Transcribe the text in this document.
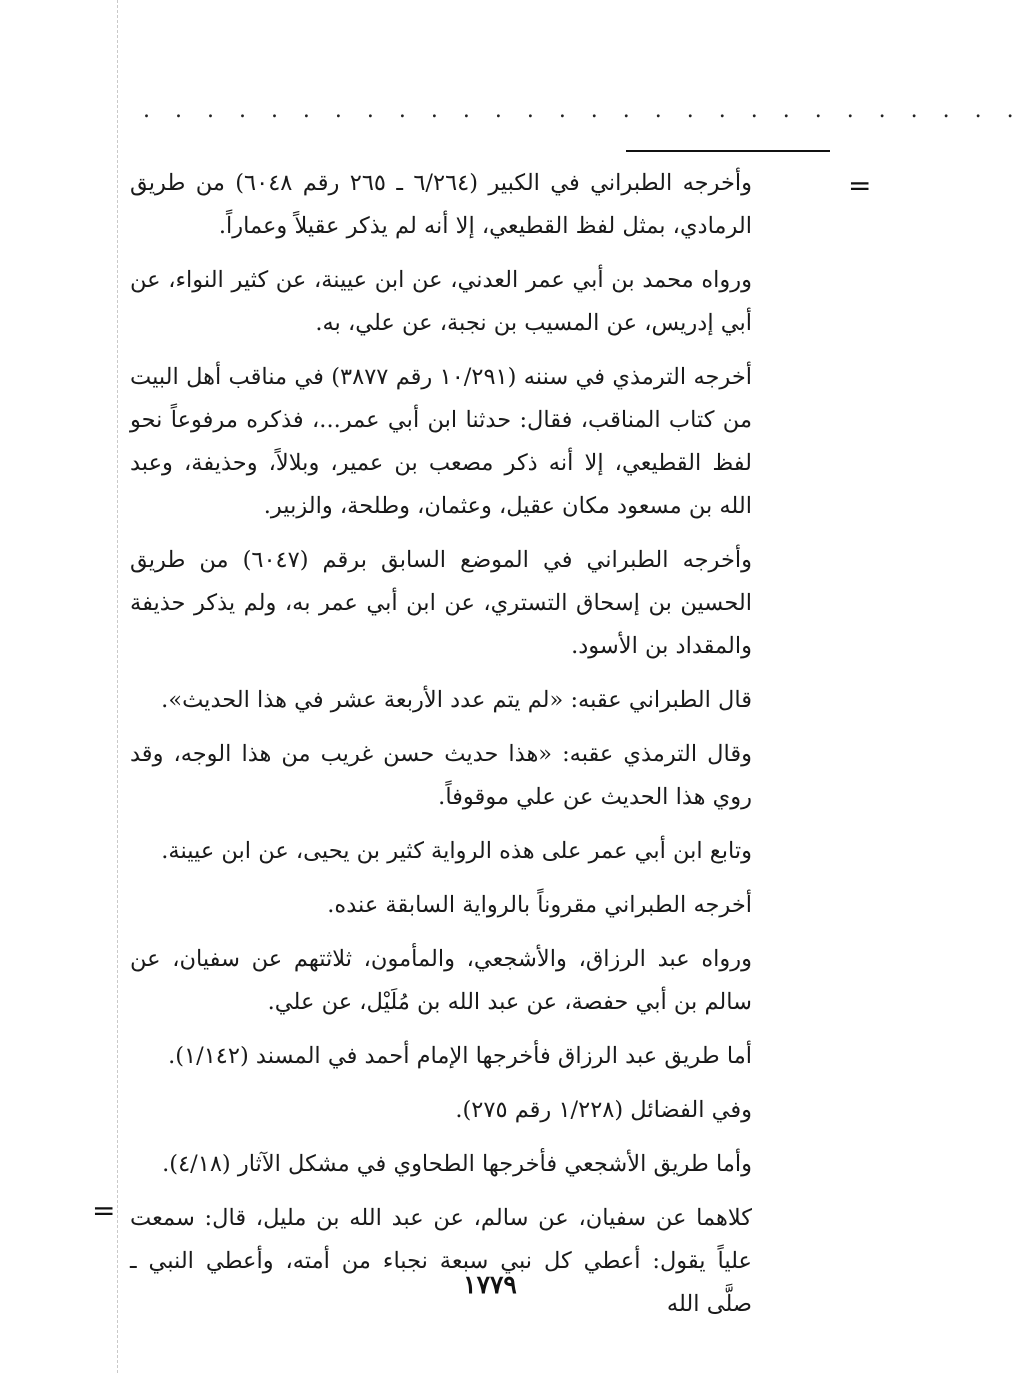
. . . . . . . . . . . . . . . . . . . . . . . . . . . .
=

وأخرجه الطبراني في الكبير (٦/٢٦٤ ـ ٢٦٥ رقم ٦٠٤٨) من طريق الرمادي، بمثل لفظ القطيعي، إلا أنه لم يذكر عقيلاً وعماراً.

ورواه محمد بن أبي عمر العدني، عن ابن عيينة، عن كثير النواء، عن أبي إدريس، عن المسيب بن نجبة، عن علي، به.

أخرجه الترمذي في سننه (١٠/٢٩١ رقم ٣٨٧٧) في مناقب أهل البيت من كتاب المناقب، فقال: حدثنا ابن أبي عمر...، فذكره مرفوعاً نحو لفظ القطيعي، إلا أنه ذكر مصعب بن عمير، وبلالاً، وحذيفة، وعبد الله بن مسعود مكان عقيل، وعثمان، وطلحة، والزبير.

وأخرجه الطبراني في الموضع السابق برقم (٦٠٤٧) من طريق الحسين بن إسحاق التستري، عن ابن أبي عمر به، ولم يذكر حذيفة والمقداد بن الأسود.

قال الطبراني عقبه: «لم يتم عدد الأربعة عشر في هذا الحديث».

وقال الترمذي عقبه: «هذا حديث حسن غريب من هذا الوجه، وقد روي هذا الحديث عن علي موقوفاً.

وتابع ابن أبي عمر على هذه الرواية كثير بن يحيى، عن ابن عيينة.

أخرجه الطبراني مقروناً بالرواية السابقة عنده.

ورواه عبد الرزاق، والأشجعي، والمأمون، ثلاثتهم عن سفيان، عن سالم بن أبي حفصة، عن عبد الله بن مُلَيْل، عن علي.

أما طريق عبد الرزاق فأخرجها الإمام أحمد في المسند (١/١٤٢).

وفي الفضائل (١/٢٢٨ رقم ٢٧٥).

وأما طريق الأشجعي فأخرجها الطحاوي في مشكل الآثار (٤/١٨).

كلاهما عن سفيان، عن سالم، عن عبد الله بن مليل، قال: سمعت علياً يقول: أعطي كل نبي سبعة نجباء من أمته، وأعطي النبي ـ صلَّى الله

=
١٧٧٩
